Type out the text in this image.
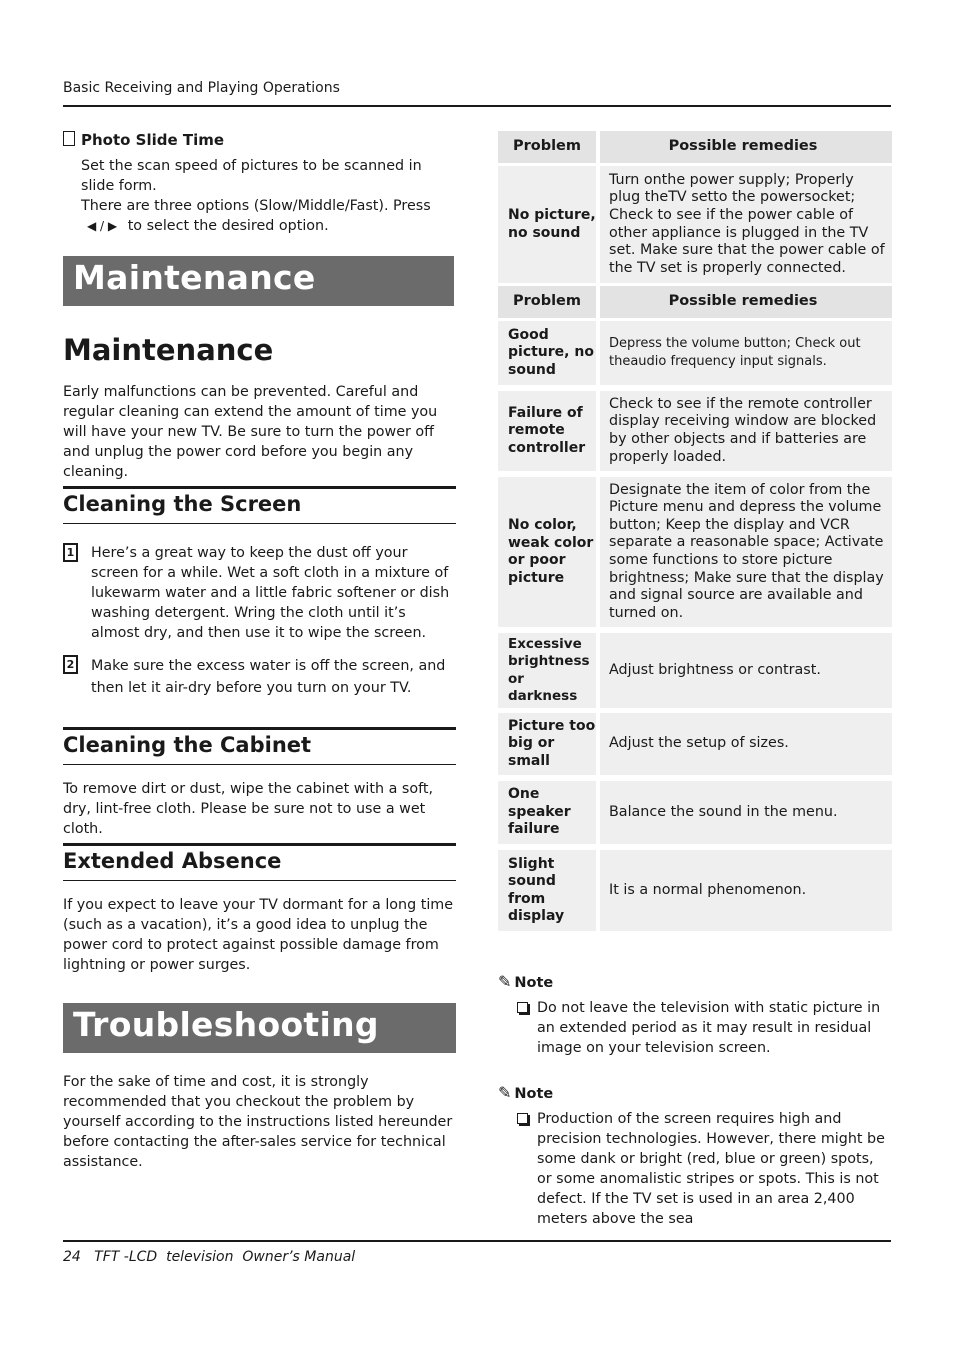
Basic Receiving and Playing Operations
Photo Slide Time

Set the scan speed of pictures to be scanned in slide form.

There are three options (Slow/Middle/Fast). Press

◀ / ▶ to select the desired option.

Maintenance
Maintenance

Early malfunctions can be prevented. Careful and regular cleaning can extend the amount of time you will have your new TV. Be sure to turn the power off and unplug the power cord before you begin any cleaning.

Cleaning the Screen
1 Here’s a great way to keep the dust off your screen for a while. Wet a soft cloth in a mixture of lukewarm water and a little fabric softener or dish washing detergent. Wring the cloth until it’s almost dry, and then use it to wipe the screen.

2 Make sure the excess water is off the screen, and then let it air-dry before you turn on your TV.

Cleaning the Cabinet

To remove dirt or dust, wipe the cabinet with a soft, dry, lint-free cloth. Please be sure not to use a wet cloth.

Extended Absence

If you expect to leave your TV dormant for a long time (such as a vacation), it’s a good idea to unplug the power cord to protect against possible damage from lightning or power surges.

Troubleshooting

For the sake of time and cost, it is strongly recommended that you checkout the problem by yourself according to the instructions listed hereunder before contacting the after-sales service for technical assistance.

Problem	Possible remedies
No picture, no sound
Turn onthe power supply; Properly plug theTV setto the powersocket; Check to see if the power cable of other appliance is plugged in the TV set. Make sure that the power cable of the TV set is properly connected.
Problem	Possible remedies
Good picture, no sound
Depress the volume button; Check out theaudio frequency input signals.
Failure of remote controller
Check to see if the remote controller display receiving window are blocked by other objects and if batteries are properly loaded.
No color, weak color or poor picture
Designate the item of color from the Picture menu and depress the volume button; Keep the display and VCR separate a reasonable space; Activate some functions to store picture brightness; Make sure that the display and signal source are available and turned on.
Excessive brightness or darkness
Adjust brightness or contrast.
Picture too big or small
Adjust the setup of sizes.
One speaker failure
Balance the sound in the menu.
Slight sound from display
It is a normal phenomenon.
✎ Note

Do not leave the television with static picture in an extended period as it may result in residual image on your television screen.

✎ Note

Production of the screen requires high and precision technologies. However, there might be some dank or bright (red, blue or green) spots, or some anomalistic stripes or spots. This is not defect. If the TV set is used in an area 2,400 meters above the sea

24   TFT -LCD  television  Owner’s Manual
